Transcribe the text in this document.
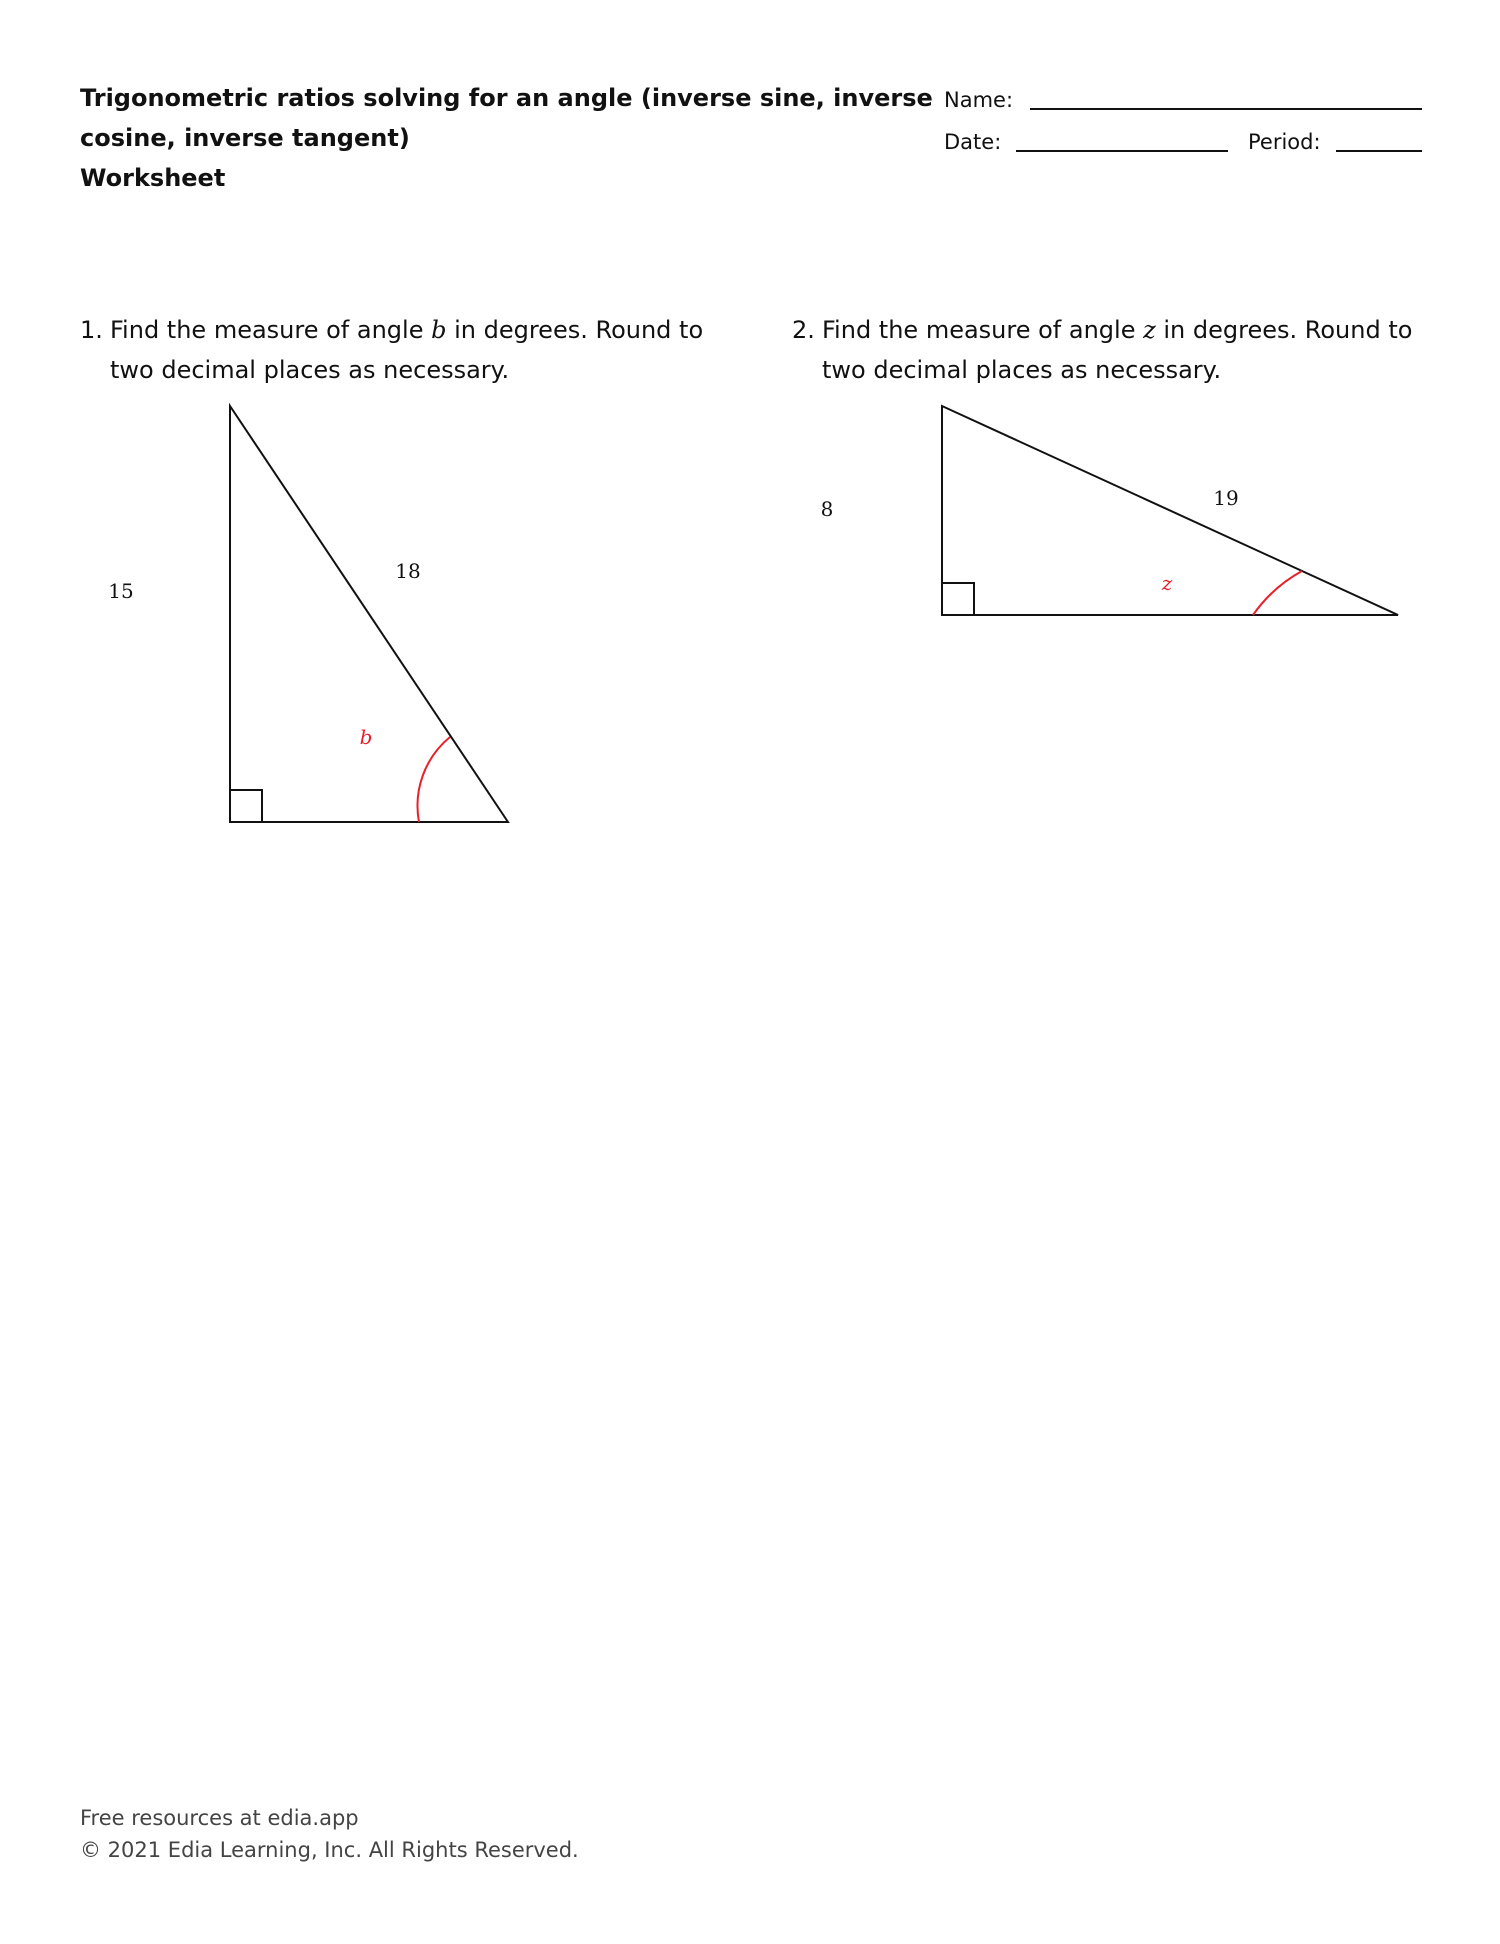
Trigonometric ratios solving for an angle (inverse sine, inverse
cosine, inverse tangent)
Worksheet
Name:
Date:	Period:
1. Find the measure of angle b in degrees. Round to
two decimal places as necessary.
15
18
b
2. Find the measure of angle z in degrees. Round to
two decimal places as necessary.
8	19
z
Free resources at edia.app
© 2021 Edia Learning, Inc. All Rights Reserved.
